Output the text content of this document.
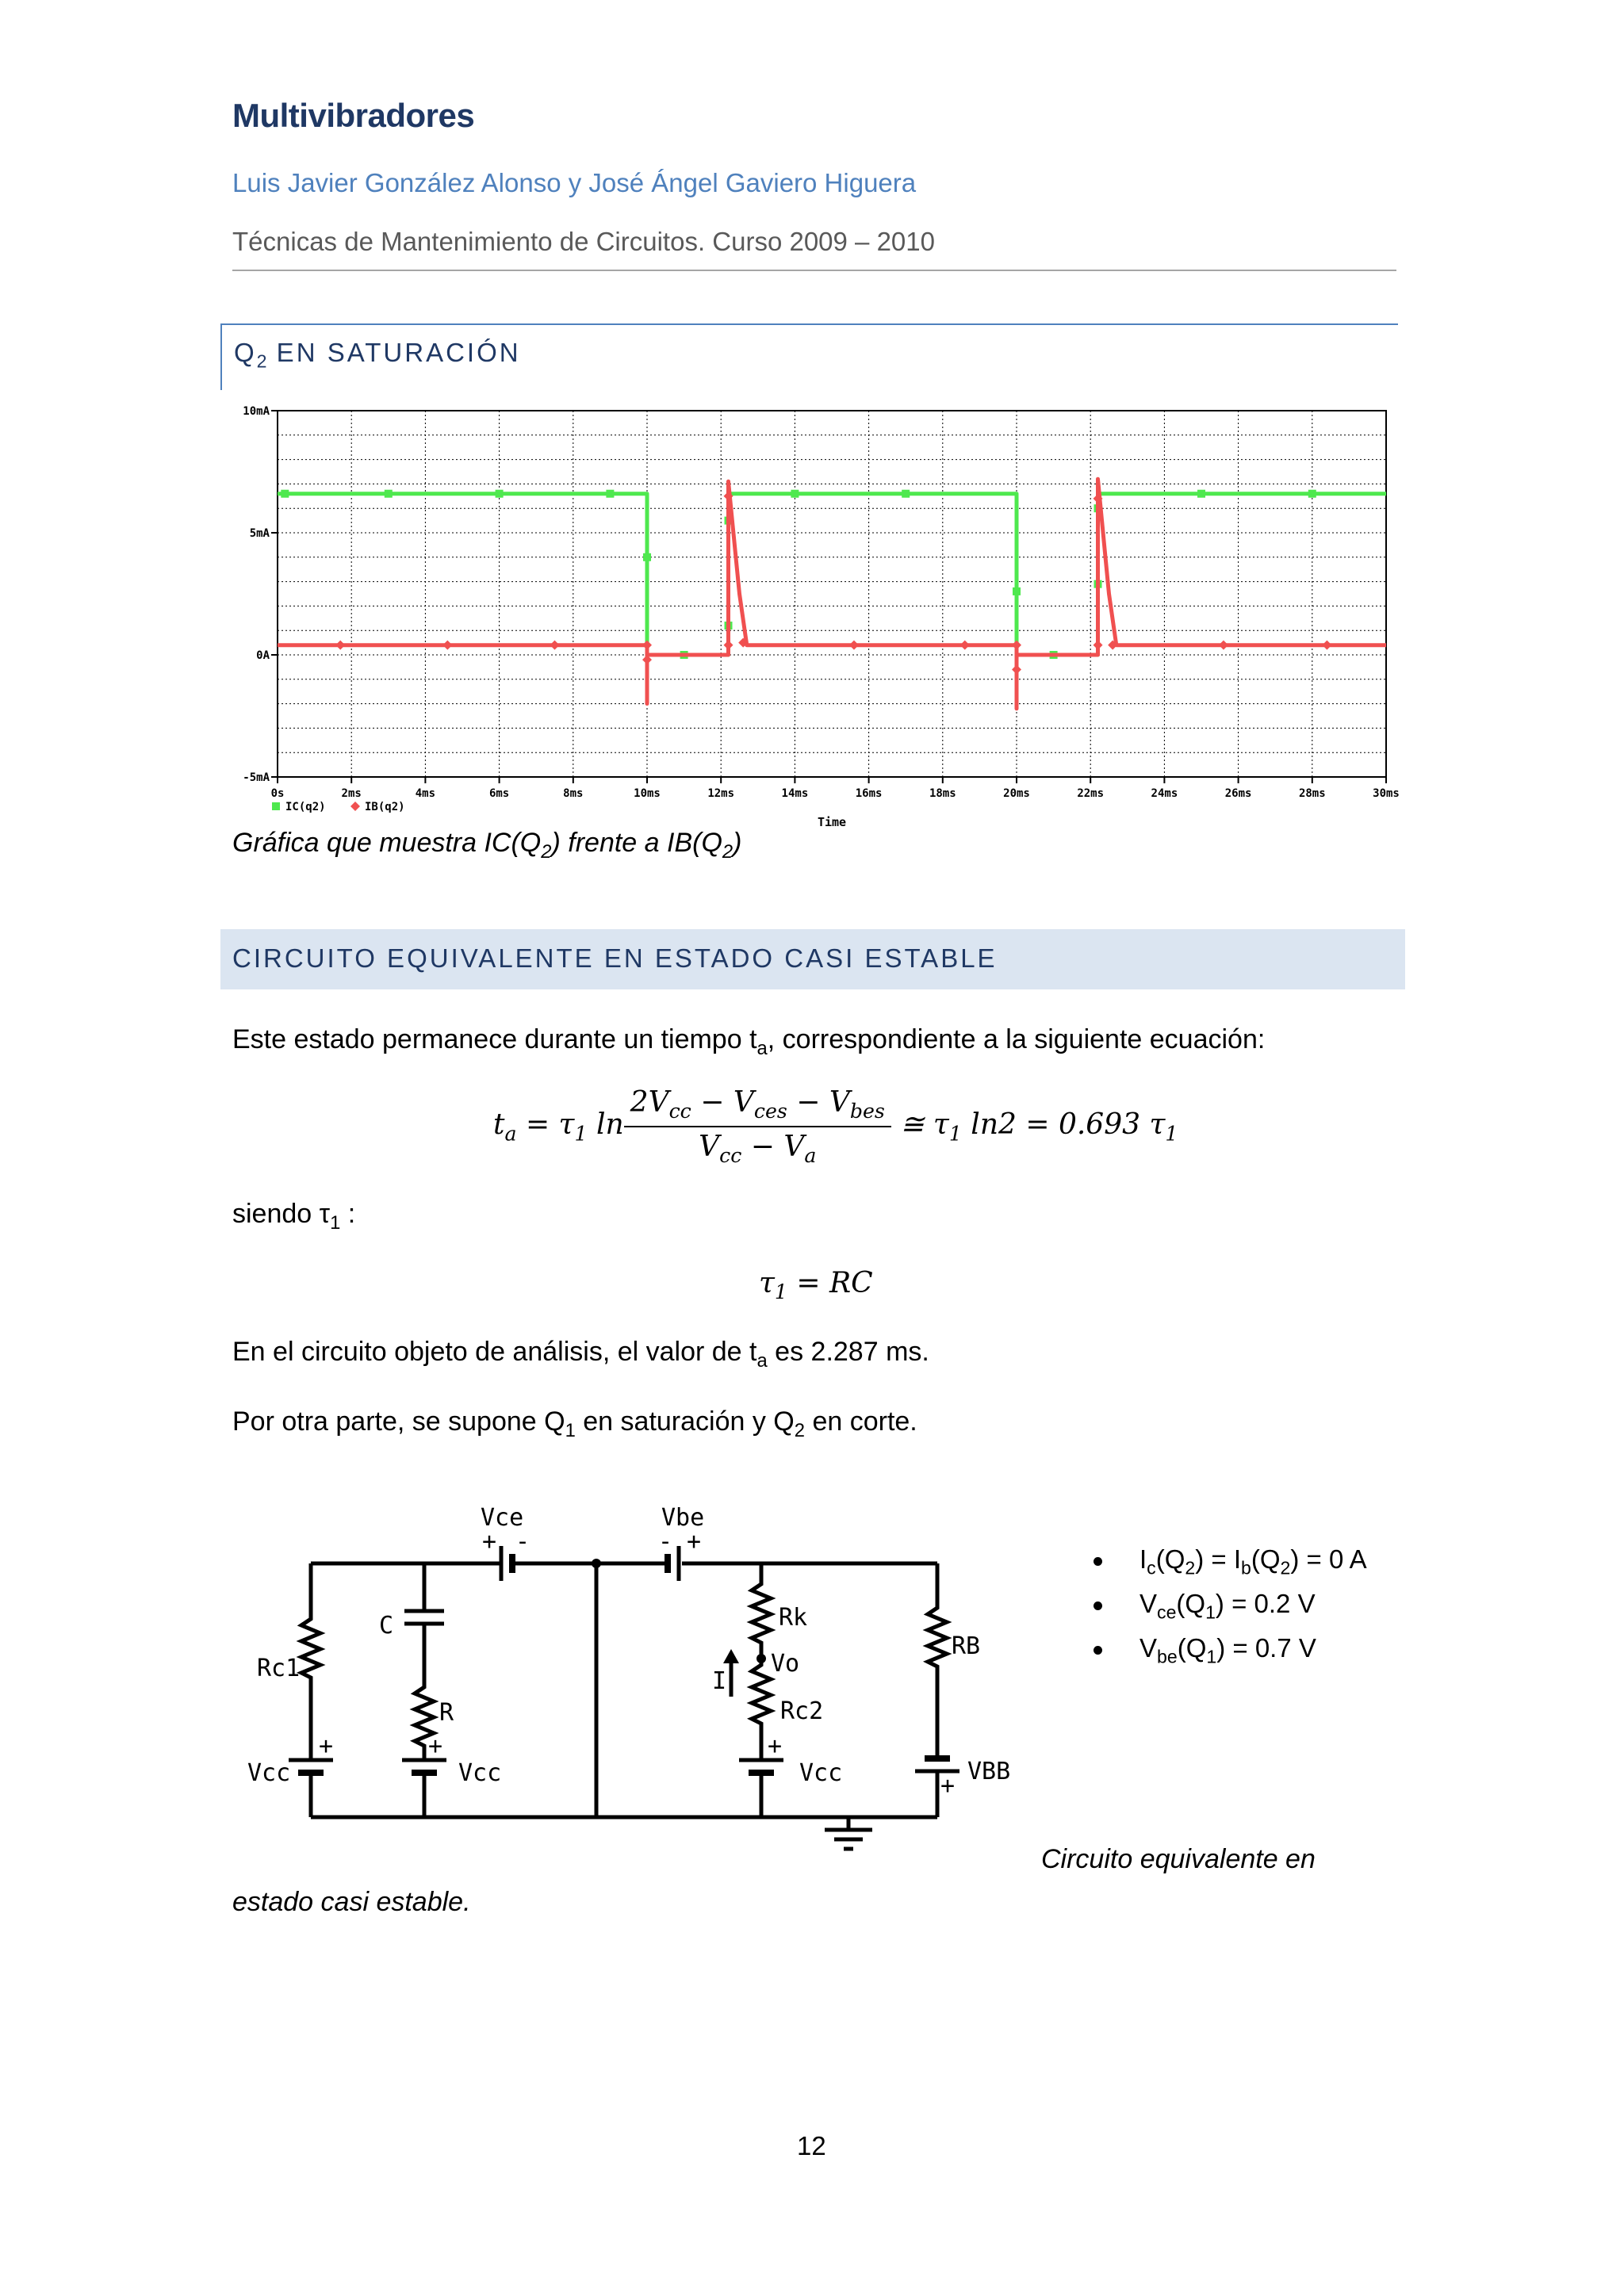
Multivibradores
Luis Javier González Alonso y José Ángel Gaviero Higuera
Técnicas de Mantenimiento de Circuitos. Curso 2009 – 2010
$Q_2$ EN SATURACIÓN
0s	2ms	4ms	6ms	8ms	10ms	12ms	14ms	16ms	18ms	20ms	22ms	24ms	26ms	28ms	30ms
10mA
5mA
0A
-5mA
Time
IC(q2)	IB(q2)
Gráfica que muestra $IC(Q_2)$ frente a $IB(Q_2)$
CIRCUITO EQUIVALENTE EN ESTADO CASI ESTABLE
Este estado permanece durante un tiempo $t_a$, correspondiente a la siguiente ecuación:
$t_a = \tau_1$ $\ln \frac{2V_{cc} - V_{ces} - V_{bes}}{V_{cc} - V_a}$ ≅ $\tau_1$ ln2 = 0.693 $\tau_1$
siendo $\tau_1$ :
$\tau_1$ = RC
En el circuito objeto de análisis, el valor de $t_a$ es 2.287 ms.
Por otra parte, se supone $Q_1$ en saturación y $Q_2$ en corte.
Vce	Vbe
+ -	- +
C
Rc1
R
Rk
Vo
I
Rc2
RB
Vcc	Vcc	Vcc	VBB
+	+	+
+
$I_c(Q_2) = I_b(Q_2) = 0$ A
$V_{ce}(Q_1) = 0.2$ V
$V_{be}(Q_1) = 0.7$ V
Circuito equivalente en
estado casi estable.
12
